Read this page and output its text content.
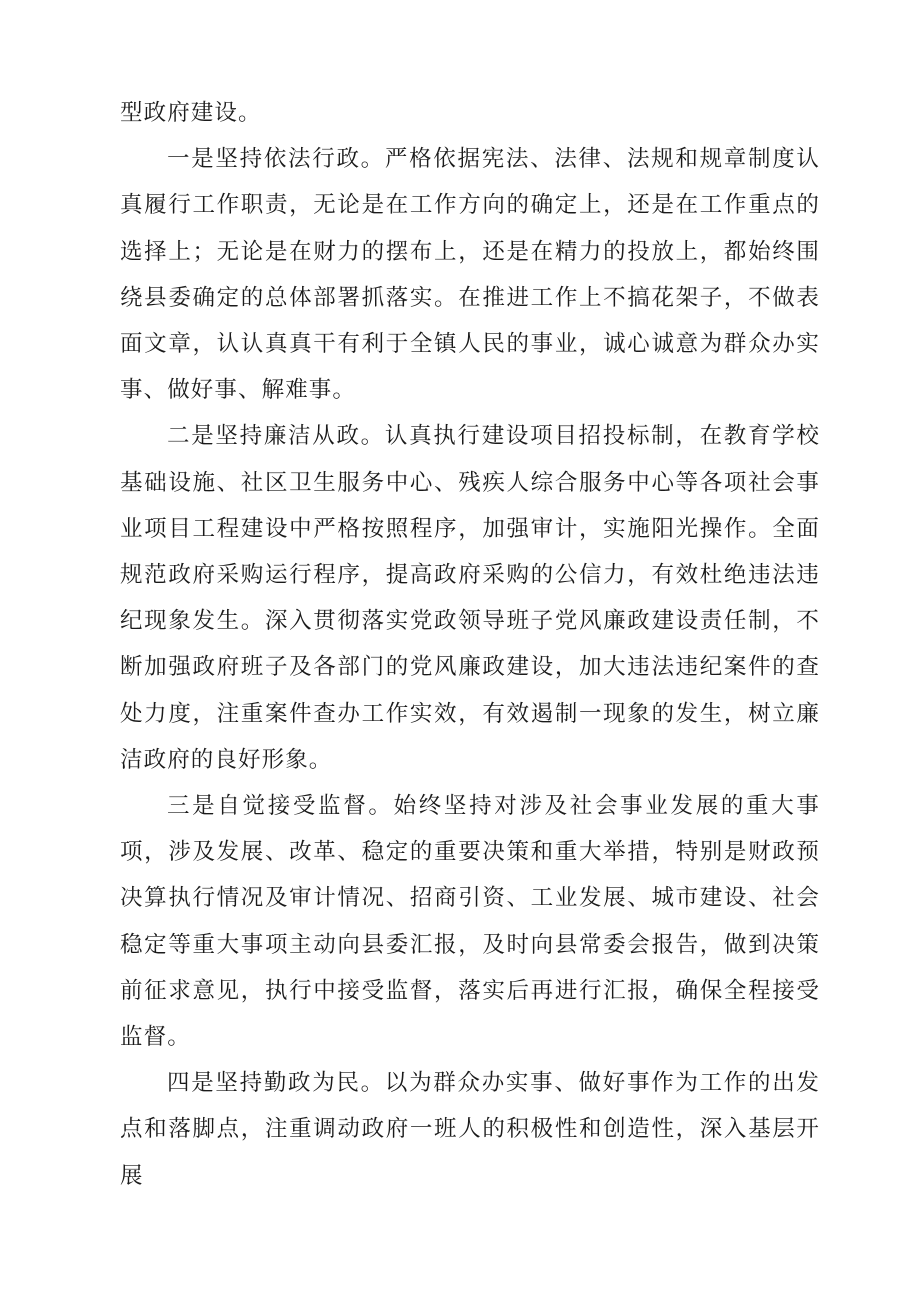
型政府建设。

一是坚持依法行政。严格依据宪法、法律、法规和规章制度认真履行工作职责，无论是在工作方向的确定上，还是在工作重点的选择上；无论是在财力的摆布上，还是在精力的投放上，都始终围绕县委确定的总体部署抓落实。在推进工作上不搞花架子，不做表面文章，认认真真干有利于全镇人民的事业，诚心诚意为群众办实事、做好事、解难事。

二是坚持廉洁从政。认真执行建设项目招投标制，在教育学校基础设施、社区卫生服务中心、残疾人综合服务中心等各项社会事业项目工程建设中严格按照程序，加强审计，实施阳光操作。全面规范政府采购运行程序，提高政府采购的公信力，有效杜绝违法违纪现象发生。深入贯彻落实党政领导班子党风廉政建设责任制，不断加强政府班子及各部门的党风廉政建设，加大违法违纪案件的查处力度，注重案件查办工作实效，有效遏制一现象的发生，树立廉洁政府的良好形象。

三是自觉接受监督。始终坚持对涉及社会事业发展的重大事项，涉及发展、改革、稳定的重要决策和重大举措，特别是财政预决算执行情况及审计情况、招商引资、工业发展、城市建设、社会稳定等重大事项主动向县委汇报，及时向县常委会报告，做到决策前征求意见，执行中接受监督，落实后再进行汇报，确保全程接受监督。

四是坚持勤政为民。以为群众办实事、做好事作为工作的出发点和落脚点，注重调动政府一班人的积极性和创造性，深入基层开展
